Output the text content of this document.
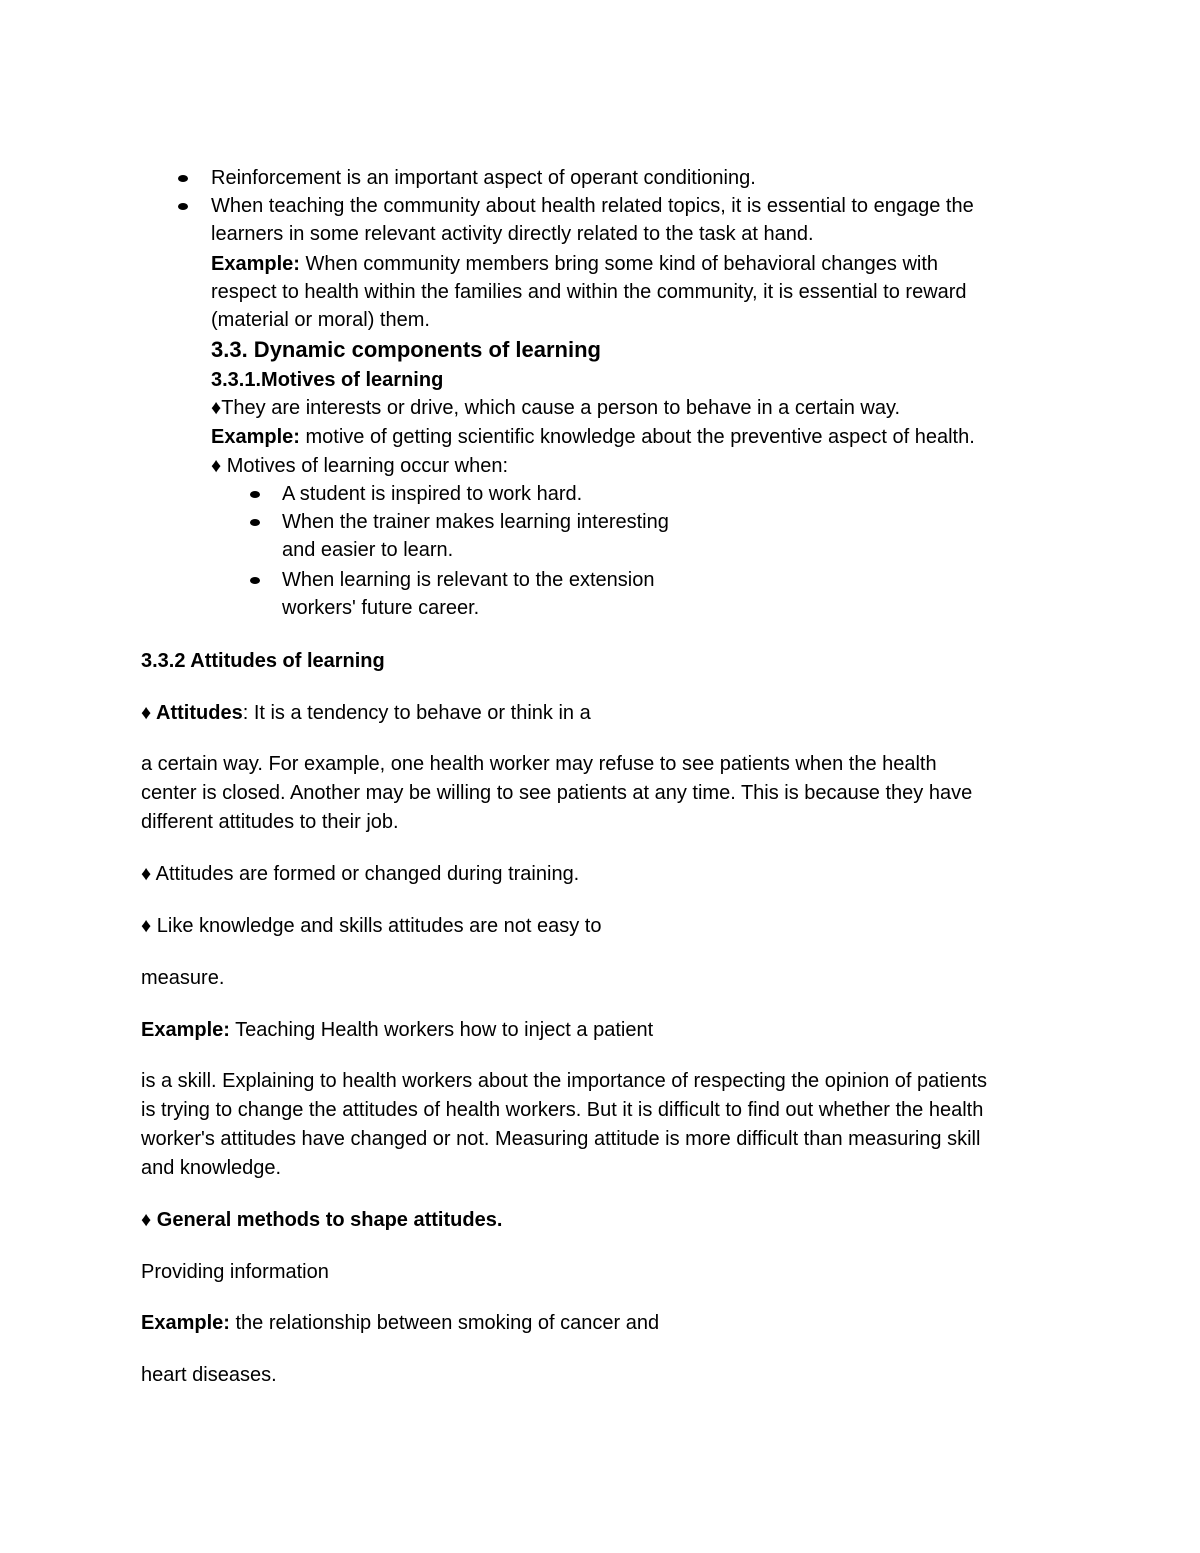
Reinforcement is an important aspect of operant conditioning.
When teaching the community about health related topics, it is essential to engage the
learners in some relevant activity directly related to the task at hand.
Example: When community members bring some kind of behavioral changes with
respect to health within the families and within the community, it is essential to reward
(material or moral) them.
3.3. Dynamic components of learning
3.3.1.Motives of learning
♦They are interests or drive, which cause a person to behave in a certain way.
Example: motive of getting scientific knowledge about the preventive aspect of health.
♦ Motives of learning occur when:
A student is inspired to work hard.
When the trainer makes learning interesting
and easier to learn.
When learning is relevant to the extension
workers' future career.
3.3.2 Attitudes of learning
♦ Attitudes: It is a tendency to behave or think in a
a certain way. For example, one health worker may refuse to see patients when the health
center is closed. Another may be willing to see patients at any time. This is because they have
different attitudes to their job.
♦ Attitudes are formed or changed during training.
♦ Like knowledge and skills attitudes are not easy to
measure.
Example: Teaching Health workers how to inject a patient
is a skill. Explaining to health workers about the importance of respecting the opinion of patients
is trying to change the attitudes of health workers. But it is difficult to find out whether the health
worker's attitudes have changed or not. Measuring attitude is more difficult than measuring skill
and knowledge.
♦ General methods to shape attitudes.
Providing information
Example: the relationship between smoking of cancer and
heart diseases.
